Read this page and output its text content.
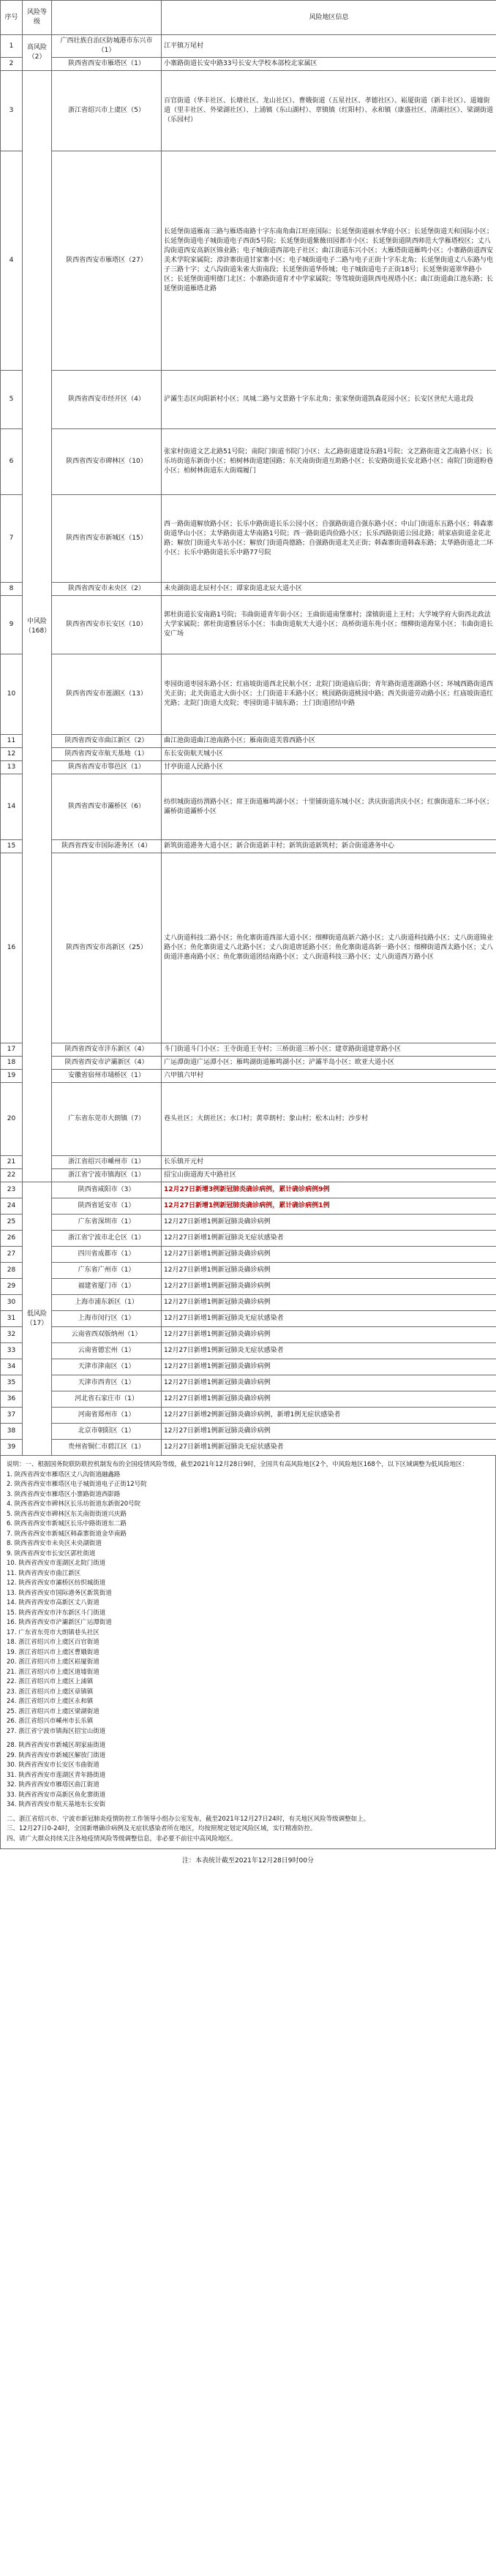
序号	风险等级		风险地区信息
1	高风险（2）	广西壮族自治区防城港市东兴市（1）	江平镇万尾村
2		陕西省西安市雁塔区（1）	小寨路街道长安中路33号长安大学校本部校北家属区
3	中风险（168）	浙江省绍兴市上虞区（5）	百官街道（华丰社区、长塘社区、龙山社区）、曹娥街道（五星社区、孝德社区）、崧厦街道（新丰社区）、道墟街道（里丰社区、外梁湖社区）、上浦镇（东山湖村）、章镇镇（红阳村）、永和镇（康盛社区、清湖社区）、梁湖街道（乐园村）
4		陕西省西安市雁塔区（27）	长延堡街道雁南三路与雁塔南路十字东南角曲江旺座国际；长延堡街道丽水华庭小区；长延堡街道天和国际小区；长延堡街道电子城街道电子西街5号院；长延堡街道紫薇田园都市小区；长延堡街道陕西师范大学雁塔校区；丈八沟街道西安高新区锦业路；电子城街道西部电子社区；曲江街道东兴小区；大雁塔街道雁鸣小区；小寨路街道西安美术学院家属院；漳浒寨街道甘家寨小区；电子城街道电子二路与电子正街十字东北角；长延堡街道丈八东路与电子三路十字；丈八沟街道朱雀大街南段；长延堡街道华侨城；电子城街道电子正街18号；长延堡街道翠华路小区；长延堡街道明德门北区；小寨路街道育才中学家属院；等驾坡街道陕西电视塔小区；曲江街道曲江池东路；长延堡街道雁塔北路
5		陕西省西安市经开区（4）	浐灞生态区向阳新村小区；凤城二路与文景路十字东北角；张家堡街道凯森花园小区；长安区世纪大道北段
6		陕西省西安市碑林区（10）	张家村街道文艺北路51号院；南院门街道书院门小区；太乙路街道建设东路1号院；文艺路街道文艺南路小区；长乐坊街道东新街小区；柏树林街道建国路；东关南街街道互助路小区；长安路街道长安北路小区；南院门街道粉巷小区；柏树林街道东大街端履门
7		陕西省西安市新城区（15）	西一路街道解放路小区；长乐中路街道长乐公园小区；自强路街道自强东路小区；中山门街道东五路小区；韩森寨街道华山小区；太华路街道太华南路1号院；西一路街道尚俭路小区；长乐西路街道公园北路；胡家庙街道金花北路；解放门街道火车站小区；解放门街道尚德路；自强路街道北关正街；韩森寨街道韩森东路；太华路街道北二环小区；长乐中路街道长乐中路77号院
8		陕西省西安市未央区（2）	未央湖街道北辰村小区；谭家街道北辰大道小区
9		陕西省西安市长安区（10）	郭杜街道长安南路1号院；韦曲街道青年街小区；王曲街道南堡寨村；滦镇街道上王村；大学城学府大街西北政法大学家属院；郭杜街道雅居乐小区；韦曲街道航天大道小区；高桥街道东苑小区；细柳街道海棠小区；韦曲街道长安广场
10		陕西省西安市莲湖区（13）	枣园街道枣园东路小区；红庙坡街道西北民航小区；北院门街道庙后街；青年路街道莲湖路小区；环城西路街道西关正街；北关街道北大街小区；土门街道丰禾路小区；桃园路街道桃园中路；西关街道劳动路小区；红庙坡街道红光路；北院门街道大皮院；枣园街道丰镐东路；土门街道团结中路
11		陕西省西安市曲江新区（2）	曲江池街道曲江池南路小区；雁南街道芙蓉西路小区
12		陕西省西安市航天基地（1）	东长安街航天城小区
13		陕西省西安市鄠邑区（1）	甘亭街道人民路小区
14		陕西省西安市灞桥区（6）	纺织城街道纺渭路小区；席王街道雁鸣湖小区；十里铺街道东城小区；洪庆街道洪庆小区；红旗街道东二环小区；灞桥街道灞桥小区
15		陕西省西安市国际港务区（4）	新筑街道港务大道小区；新合街道新丰村；新筑街道新筑村；新合街道港务中心
16		陕西省西安市高新区（25）	丈八街道科技二路小区；鱼化寨街道西部大道小区；细柳街道高新六路小区；丈八街道科技路小区；丈八街道锦业路小区；鱼化寨街道丈八北路小区；丈八街道唐延路小区；鱼化寨街道高新一路小区；细柳街道西太路小区；丈八街道沣惠南路小区；鱼化寨街道团结南路小区；丈八街道科技三路小区；丈八街道西万路小区
17		陕西省西安市沣东新区（4）	斗门街道斗门小区；王寺街道王寺村；三桥街道三桥小区；建章路街道建章路小区
18		陕西省西安市浐灞新区（4）	广运潭街道广运潭小区；雁鸣湖街道雁鸣湖小区；浐灞半岛小区；欧亚大道小区
19		安徽省宿州市埇桥区（1）	六甲镇六甲村
20		广东省东莞市大朗镇（7）	巷头社区；大朗社区；水口村；黄草朗村；象山村；松木山村；沙步村
21		浙江省绍兴市嵊州市（1）	长乐镇开元村
22		浙江省宁波市镇海区（1）	招宝山街道海天中路社区
23	低风险（17）	陕西省咸阳市（3）	12月27日新增3例新冠肺炎确诊病例，累计确诊病例9例
24		陕西省延安市（1）	12月27日新增1例新冠肺炎确诊病例，累计确诊病例1例
25		广东省深圳市（1）	12月27日新增1例新冠肺炎确诊病例
26		浙江省宁波市北仑区（1）	12月27日新增1例新冠肺炎无症状感染者
27		四川省成都市（1）	12月27日新增1例新冠肺炎确诊病例
28		广东省广州市（1）	12月27日新增1例新冠肺炎确诊病例
29		福建省厦门市（1）	12月27日新增1例新冠肺炎确诊病例
30		上海市浦东新区（1）	12月27日新增1例新冠肺炎确诊病例
31		上海市闵行区（1）	12月27日新增1例新冠肺炎无症状感染者
32		云南省西双版纳州（1）	12月27日新增1例新冠肺炎确诊病例
33		云南省德宏州（1）	12月27日新增1例新冠肺炎无症状感染者
34		天津市津南区（1）	12月27日新增1例新冠肺炎确诊病例
35		天津市西青区（1）	12月27日新增1例新冠肺炎确诊病例
36		河北省石家庄市（1）	12月27日新增1例新冠肺炎确诊病例
37		河南省郑州市（1）	12月27日新增2例新冠肺炎确诊病例，新增1例无症状感染者
38		北京市朝阳区（1）	12月27日新增1例新冠肺炎确诊病例
39		贵州省铜仁市碧江区（1）	12月27日新增1例新冠肺炎无症状感染者

说明：一、根据国务院联防联控机制发布的全国疫情风险等级，截至2021年12月28日9时，全国共有高风险地区2个，中风险地区168个，以下区域调整为低风险地区：

1. 陕西省西安市雁塔区丈八沟街道融鑫路

2. 陕西省西安市雁塔区电子城街道电子正街12号院

3. 陕西省西安市雁塔区小寨路街道西影路

4. 陕西省西安市碑林区长乐坊街道东新街20号院

5. 陕西省西安市碑林区东关南街街道兴庆路

6. 陕西省西安市新城区长乐中路街道东二路

7. 陕西省西安市新城区韩森寨街道金华南路

8. 陕西省西安市未央区未央湖街道

9. 陕西省西安市长安区郭杜街道

10. 陕西省西安市莲湖区北院门街道

11. 陕西省西安市曲江新区

12. 陕西省西安市灞桥区纺织城街道

13. 陕西省西安市国际港务区新筑街道

14. 陕西省西安市高新区丈八街道

15. 陕西省西安市沣东新区斗门街道

16. 陕西省西安市浐灞新区广运潭街道

17. 广东省东莞市大朗镇巷头社区

18. 浙江省绍兴市上虞区百官街道

19. 浙江省绍兴市上虞区曹娥街道

20. 浙江省绍兴市上虞区崧厦街道

21. 浙江省绍兴市上虞区道墟街道

22. 浙江省绍兴市上虞区上浦镇

23. 浙江省绍兴市上虞区章镇镇

24. 浙江省绍兴市上虞区永和镇

25. 浙江省绍兴市上虞区梁湖街道

26. 浙江省绍兴市嵊州市长乐镇

27. 浙江省宁波市镇海区招宝山街道

28. 陕西省西安市新城区胡家庙街道

29. 陕西省西安市新城区解放门街道

30. 陕西省西安市长安区韦曲街道

31. 陕西省西安市莲湖区青年路街道

32. 陕西省西安市雁塔区曲江街道

33. 陕西省西安市高新区鱼化寨街道

34. 陕西省西安市航天基地东长安街

二、浙江省绍兴市、宁波市新冠肺炎疫情防控工作领导小组办公室发布，截至2021年12月27日24时，有关地区风险等级调整如上。

三、12月27日0-24时，全国新增确诊病例及无症状感染者所在地区，均按照规定划定风险区域，实行精准防控。

四、请广大群众持续关注各地疫情风险等级调整信息，非必要不前往中高风险地区。

注：本表统计截至2021年12月28日9时00分
